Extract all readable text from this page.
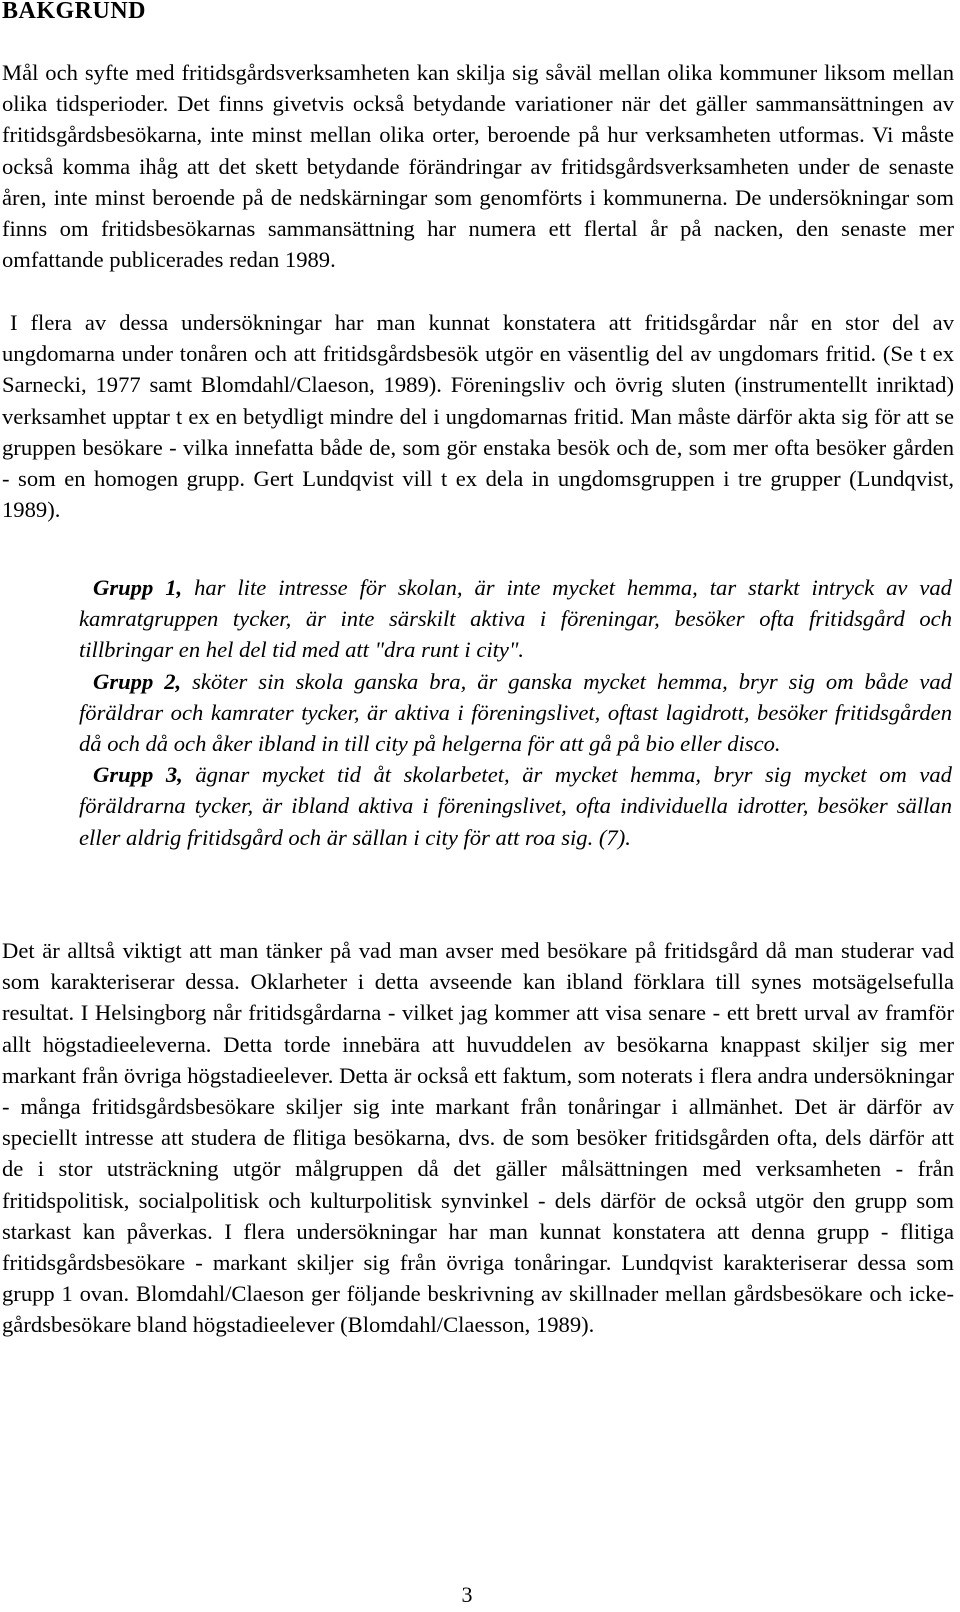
BAKGRUND

Mål och syfte med fritidsgårdsverksamheten kan skilja sig såväl mellan olika kommuner liksom mellan olika tidsperioder. Det finns givetvis också betydande variationer när det gäller sammansättningen av fritidsgårdsbesökarna, inte minst mellan olika orter, beroende på hur verksamheten utformas. Vi måste också komma ihåg att det skett betydande förändringar av fritidsgårdsverksamheten under de senaste åren, inte minst beroende på de nedskärningar som genomförts i kommunerna. De undersökningar som finns om fritidsbesökarnas sammansättning har numera ett flertal år på nacken, den senaste mer omfattande publicerades redan 1989.

I flera av dessa undersökningar har man kunnat konstatera att fritidsgårdar når en stor del av ungdomarna under tonåren och att fritidsgårdsbesök utgör en väsentlig del av ungdomars fritid. (Se t ex Sarnecki, 1977 samt Blomdahl/Claeson, 1989). Föreningsliv och övrig sluten (instrumentellt inriktad) verksamhet upptar t ex en betydligt mindre del i ungdomarnas fritid. Man måste därför akta sig för att se gruppen besökare - vilka innefatta både de, som gör enstaka besök och de, som mer ofta besöker gården - som en homogen grupp. Gert Lundqvist vill t ex dela in ungdomsgruppen i tre grupper (Lundqvist, 1989).

Grupp 1, har lite intresse för skolan, är inte mycket hemma, tar starkt intryck av vad kamratgruppen tycker, är inte särskilt aktiva i föreningar, besöker ofta fritidsgård och tillbringar en hel del tid med att "dra runt i city".

Grupp 2, sköter sin skola ganska bra, är ganska mycket hemma, bryr sig om både vad föräldrar och kamrater tycker, är aktiva i föreningslivet, oftast lagidrott, besöker fritidsgården då och då och åker ibland in till city på helgerna för att gå på bio eller disco.

Grupp 3, ägnar mycket tid åt skolarbetet, är mycket hemma, bryr sig mycket om vad föräldrarna tycker, är ibland aktiva i föreningslivet, ofta individuella idrotter, besöker sällan eller aldrig fritidsgård och är sällan i city för att roa sig. (7).

Det är alltså viktigt att man tänker på vad man avser med besökare på fritidsgård då man studerar vad som karakteriserar dessa. Oklarheter i detta avseende kan ibland förklara till synes motsägelsefulla resultat. I Helsingborg når fritidsgårdarna - vilket jag kommer att visa senare - ett brett urval av framför allt högstadieeleverna. Detta torde innebära att huvuddelen av besökarna knappast skiljer sig mer markant från övriga högstadieelever. Detta är också ett faktum, som noterats i flera andra undersökningar - många fritidsgårdsbesökare skiljer sig inte markant från tonåringar i allmänhet. Det är därför av speciellt intresse att studera de flitiga besökarna, dvs. de som besöker fritidsgården ofta, dels därför att de i stor utsträckning utgör målgruppen då det gäller målsättningen med verksamheten - från fritidspolitisk, socialpolitisk och kulturpolitisk synvinkel - dels därför de också utgör den grupp som starkast kan påverkas. I flera undersökningar har man kunnat konstatera att denna grupp - flitiga fritidsgårdsbesökare - markant skiljer sig från övriga tonåringar. Lundqvist karakteriserar dessa som grupp 1 ovan. Blomdahl/Claeson ger följande beskrivning av skillnader mellan gårdsbesökare och icke-gårdsbesökare bland högstadieelever (Blomdahl/Claesson, 1989).

3
